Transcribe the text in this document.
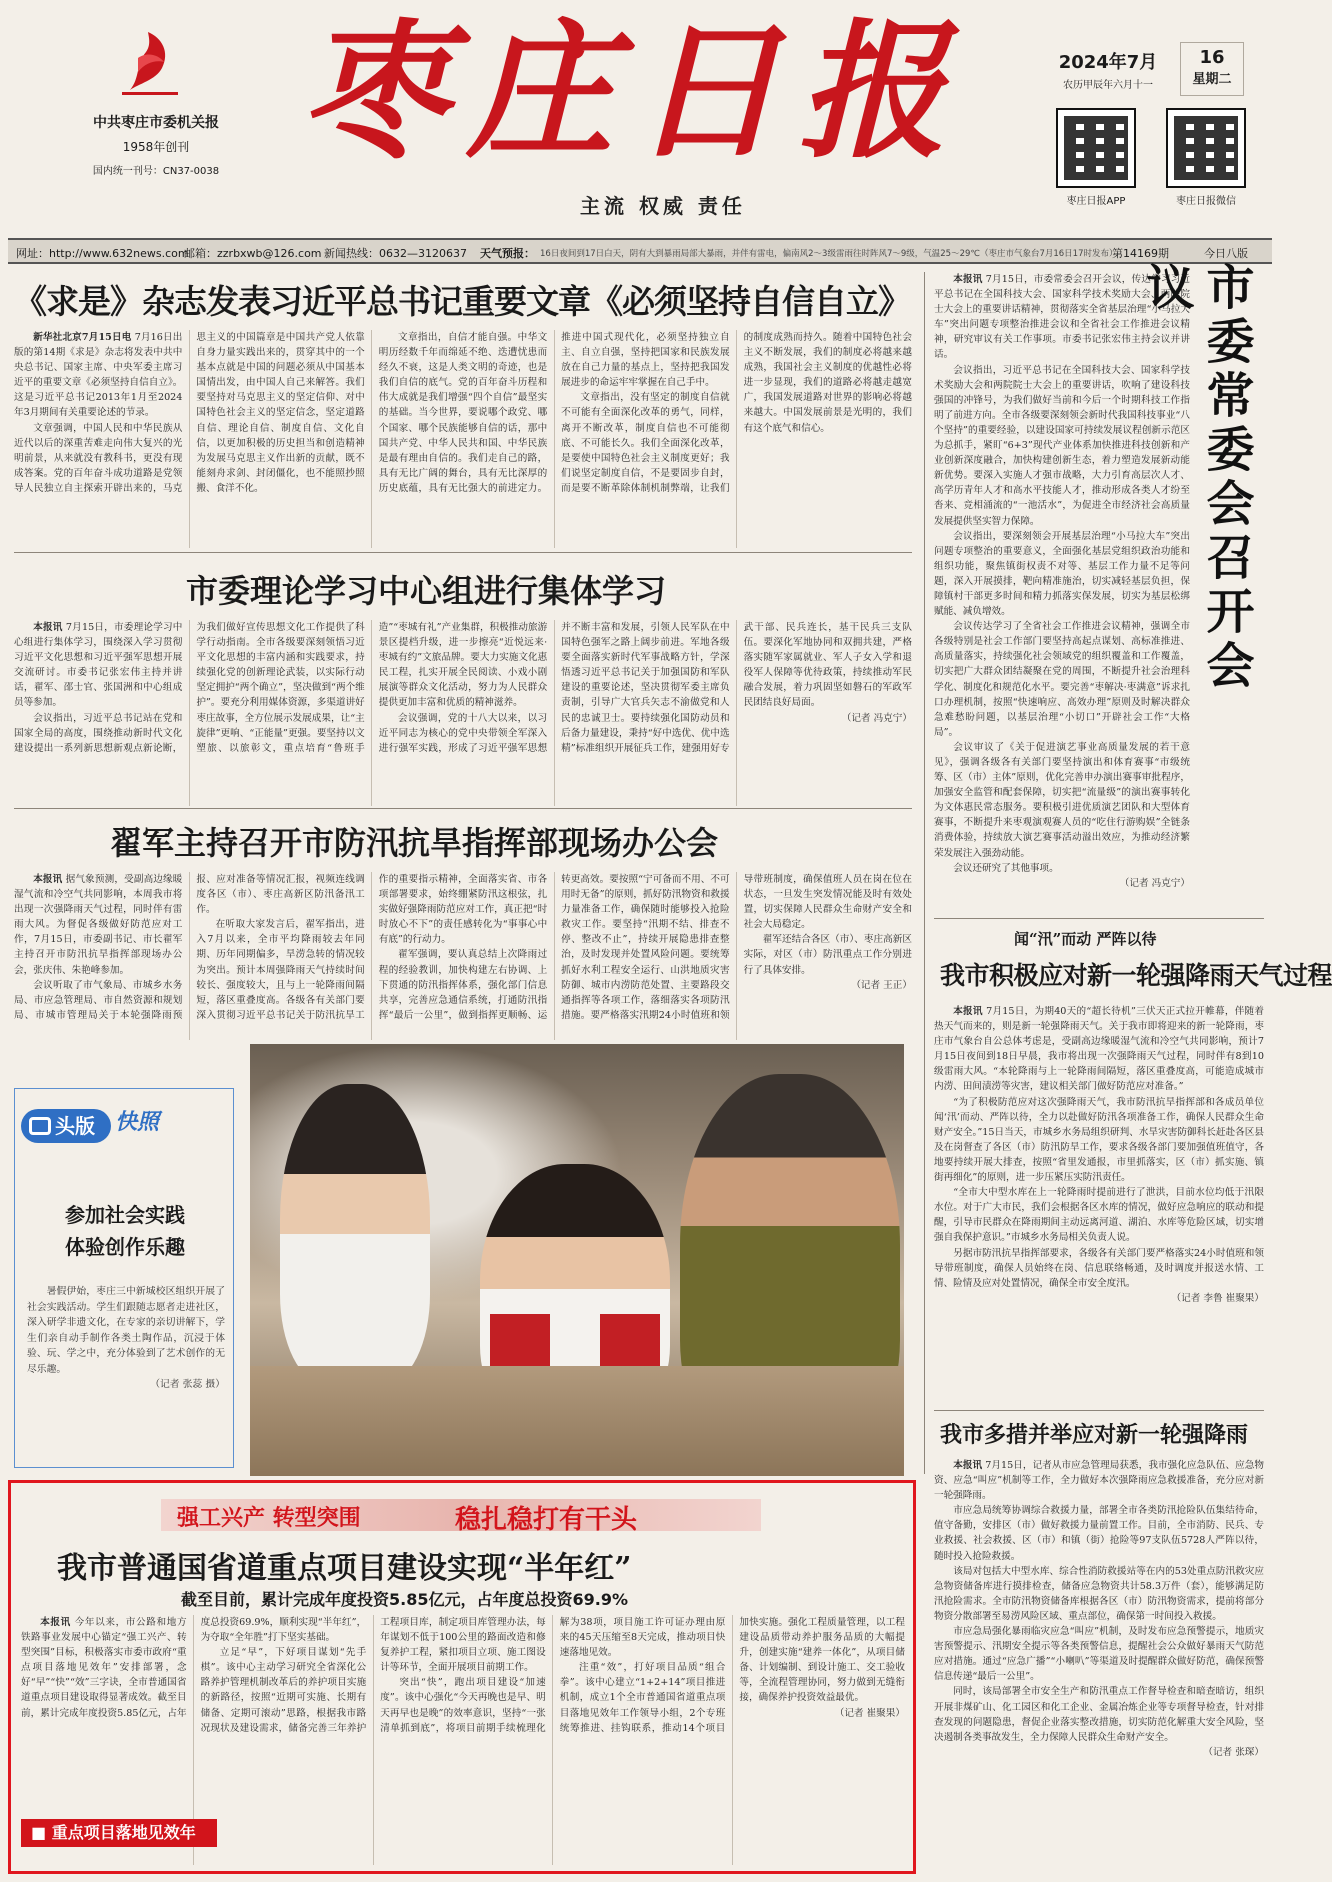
中共枣庄市委机关报
1958年创刊
国内统一刊号：CN37-0038 枣庄日报
主流 权威 责任
2024年7月
农历甲辰年六月十一
16
星期二
枣庄日报APP	枣庄日报微信
网址：http://www.632news.com
邮箱：zzrbxwb@126.com 新闻热线：0632—3120637 天气预报： 16日夜间到17日白天，阴有大到暴雨局部大暴雨，并伴有雷电，偏南风2～3级雷雨往时阵风7～9级，气温25～29℃（枣庄市气象台7月16日17时发布）
第14169期	今日八版
《求是》杂志发表习近平总书记重要文章《必须坚持自信自立》

新华社北京7月15日电 7月16日出版的第14期《求是》杂志将发表中共中央总书记、国家主席、中央军委主席习近平的重要文章《必须坚持自信自立》。这是习近平总书记2013年1月至2024年3月期间有关重要论述的节录。

文章强调，中国人民和中华民族从近代以后的深重苦难走向伟大复兴的光明前景，从来就没有教科书，更没有现成答案。党的百年奋斗成功道路是党领导人民独立自主探索开辟出来的，马克思主义的中国篇章是中国共产党人依靠自身力量实践出来的，贯穿其中的一个基本点就是中国的问题必须从中国基本国情出发，由中国人自己来解答。我们要坚持对马克思主义的坚定信仰、对中国特色社会主义的坚定信念，坚定道路自信、理论自信、制度自信、文化自信，以更加积极的历史担当和创造精神为发展马克思主义作出新的贡献，既不能刻舟求剑、封闭僵化，也不能照抄照搬、食洋不化。

文章指出，自信才能自强。中华文明历经数千年而绵延不绝、迭遭忧患而经久不衰，这是人类文明的奇迹，也是我们自信的底气。党的百年奋斗历程和伟大成就是我们增强“四个自信”最坚实的基础。当今世界，要说哪个政党、哪个国家、哪个民族能够自信的话，那中国共产党、中华人民共和国、中华民族是最有理由自信的。我们走自己的路，具有无比广阔的舞台，具有无比深厚的历史底蕴，具有无比强大的前进定力。推进中国式现代化，必须坚持独立自主、自立自强，坚持把国家和民族发展放在自己力量的基点上，坚持把我国发展进步的命运牢牢掌握在自己手中。

文章指出，没有坚定的制度自信就不可能有全面深化改革的勇气，同样，离开不断改革，制度自信也不可能彻底、不可能长久。我们全面深化改革，是要使中国特色社会主义制度更好；我们说坚定制度自信，不是要固步自封，而是要不断革除体制机制弊端，让我们的制度成熟而持久。随着中国特色社会主义不断发展，我们的制度必将越来越成熟，我国社会主义制度的优越性必将进一步显现，我们的道路必将越走越宽广，我国发展道路对世界的影响必将越来越大。中国发展前景是光明的，我们有这个底气和信心。

市委理论学习中心组进行集体学习

本报讯 7月15日，市委理论学习中心组进行集体学习，围绕深入学习贯彻习近平文化思想和习近平强军思想开展交流研讨。市委书记张宏伟主持并讲话，翟军、邵士官、张国洲和中心组成员等参加。

会议指出，习近平总书记站在党和国家全局的高度，围绕推动新时代文化建设提出一系列新思想新观点新论断，为我们做好宣传思想文化工作提供了科学行动指南。全市各级要深刻领悟习近平文化思想的丰富内涵和实践要求，持续强化党的创新理论武装，以实际行动坚定拥护“两个确立”，坚决做到“两个维护”。要充分利用媒体资源，多渠道讲好枣庄故事，全方位展示发展成果，让“主旋律”更响、“正能量”更强。要坚持以文塑旅、以旅彰文，重点培育“鲁班手造”“枣城有礼”产业集群，积极推动旅游景区提档升级，进一步擦亮“近悦远来·枣城有约”文旅品牌。要大力实施文化惠民工程，扎实开展全民阅读、小戏小剧展演等群众文化活动，努力为人民群众提供更加丰富和优质的精神滋养。

会议强调，党的十八大以来，以习近平同志为核心的党中央带领全军深入进行强军实践，形成了习近平强军思想并不断丰富和发展，引领人民军队在中国特色强军之路上阔步前进。军地各级要全面落实新时代军事战略方针，学深悟透习近平总书记关于加强国防和军队建设的重要论述，坚决贯彻军委主席负责制，引导广大官兵矢志不渝做党和人民的忠诚卫士。要持续强化国防动员和后备力量建设，秉持“好中选优、优中选精”标准组织开展征兵工作，建强用好专武干部、民兵连长，基干民兵三支队伍。要深化军地协同和双拥共建，严格落实随军家属就业、军人子女入学和退役军人保障等优待政策，持续推动军民融合发展，着力巩固坚如磐石的军政军民团结良好局面。

（记者 冯克宁）
翟军主持召开市防汛抗旱指挥部现场办公会

本报讯 据气象预测，受副高边缘暖湿气流和冷空气共同影响，本周我市将出现一次强降雨天气过程，同时伴有雷雨大风。为督促各级做好防范应对工作，7月15日，市委副书记、市长翟军主持召开市防汛抗旱指挥部现场办公会，张庆伟、朱艳峰参加。

会议听取了市气象局、市城乡水务局、市应急管理局、市自然资源和规划局、市城市管理局关于本轮强降雨预报、应对准备等情况汇报，视频连线调度各区（市）、枣庄高新区防汛备汛工作。

在听取大家发言后，翟军指出，进入7月以来，全市平均降雨较去年同期、历年同期偏多，旱涝急转的情况较为突出。预计本周强降雨天气持续时间较长、强度较大，且与上一轮降雨间隔短，落区重叠度高。各级各有关部门要深入贯彻习近平总书记关于防汛抗旱工作的重要指示精神，全面落实省、市各项部署要求，始终绷紧防汛这根弦，扎实做好强降雨防范应对工作，真正把“时时放心不下”的责任感转化为“事事心中有底”的行动力。

翟军强调，要认真总结上次降雨过程的经验教训，加快构建左右协调、上下贯通的防汛指挥体系，强化部门信息共享，完善应急通信系统，打通防汛指挥“最后一公里”，做到指挥更顺畅、运转更高效。要按照“宁可备而不用、不可用时无备”的原则，抓好防汛物资和救援力量准备工作，确保随时能够投入抢险救灾工作。要坚持“汛期不结、排查不停、整改不止”，持续开展隐患排查整治，及时发现并处置风险问题。要统筹抓好水利工程安全运行、山洪地质灾害防御、城市内涝防范处置、主要路段交通指挥等各项工作，落细落实各项防汛措施。要严格落实汛期24小时值班和领导带班制度，确保值班人员在岗在位在状态，一旦发生突发情况能及时有效处置，切实保障人民群众生命财产安全和社会大局稳定。

翟军还结合各区（市）、枣庄高新区实际，对区（市）防汛重点工作分别进行了具体安排。

（记者 王正）

本报讯 7月15日，市委常委会召开会议，传达学习习近平总书记在全国科技大会、国家科学技术奖励大会、两院院士大会上的重要讲话精神，贯彻落实全省基层治理“小马拉大车”突出问题专项整治推进会议和全省社会工作推进会议精神，研究审议有关工作事项。市委书记张宏伟主持会议并讲话。

会议指出，习近平总书记在全国科技大会、国家科学技术奖励大会和两院院士大会上的重要讲话，吹响了建设科技强国的冲锋号，为我们做好当前和今后一个时期科技工作指明了前进方向。全市各级要深刻领会新时代我国科技事业“八个坚持”的重要经验，以建设国家可持续发展议程创新示范区为总抓手，紧盯“6+3”现代产业体系加快推进科技创新和产业创新深度融合，加快构建创新生态，着力塑造发展新动能新优势。要深入实施人才强市战略，大力引育高层次人才、高学历青年人才和高水平技能人才，推动形成各类人才纷至沓来、竞相涌流的“一池活水”，为促进全市经济社会高质量发展提供坚实智力保障。

会议指出，要深刻领会开展基层治理“小马拉大车”突出问题专项整治的重要意义，全面强化基层党组织政治功能和组织功能，聚焦镇街权责不对等、基层工作力量不足等问题，深入开展摸排，靶向精准施治，切实减轻基层负担，保障镇村干部更多时间和精力抓落实保发展，切实为基层松绑赋能、减负增效。

会议传达学习了全省社会工作推进会议精神，强调全市各级特别是社会工作部门要坚持高起点谋划、高标准推进、高质量落实，持续强化社会领域党的组织覆盖和工作覆盖，切实把广大群众团结凝聚在党的周围，不断提升社会治理科学化、制度化和规范化水平。要完善“枣解决·枣满意”诉求扎口办理机制，按照“快速响应、高效办理”原则及时解决群众急难愁盼问题，以基层治理“小切口”开辟社会工作“大格局”。

会议审议了《关于促进演艺事业高质量发展的若干意见》，强调各级各有关部门要坚持演出和体育赛事“市级统筹、区（市）主体”原则，优化完善申办演出赛事审批程序，加强安全监管和配套保障，切实把“流量级”的演出赛事转化为文体惠民常态服务。要积极引进优质演艺团队和大型体育赛事，不断提升来枣观演观赛人员的“吃住行游购娱”全链条消费体验，持续放大演艺赛事活动溢出效应，为推动经济繁荣发展注入强劲动能。

会议还研究了其他事项。

（记者 冯克宁）
市委常委会召开会议
闻“汛”而动 严阵以待
我市积极应对新一轮强降雨天气过程

本报讯 7月15日，为期40天的“超长待机”三伏天正式拉开帷幕，伴随着热天气而来的，则是新一轮强降雨天气。关于我市即将迎来的新一轮降雨，枣庄市气象台自公总体考虑是，受副高边缘暖湿气流和冷空气共同影响，预计7月15日夜间到18日早晨，我市将出现一次强降雨天气过程，同时伴有8到10级雷雨大风。“本轮降雨与上一轮降雨间隔短，落区重叠度高，可能造成城市内涝、田间渍涝等灾害，建议相关部门做好防范应对准备。”

“为了积极防范应对这次强降雨天气，我市防汛抗旱指挥部和各成员单位闻‘汛’而动、严阵以待，全力以赴做好防汛各项准备工作，确保人民群众生命财产安全。”15日当天，市城乡水务局组织研判、水旱灾害防御科长赶赴各区县及在岗督查了各区（市）防汛防旱工作，要求各级各部门要加强值班值守，各地要持续开展大排查，按照“省里发通报，市里抓落实，区（市）抓实施、镇街再细化”的原则，进一步压紧压实防汛责任。

“全市大中型水库在上一轮降雨时提前进行了泄洪，目前水位均低于汛限水位。对于广大市民，我们会根据各区水库的情况，做好应急响应的联动和提醒，引导市民群众在降雨期间主动远离河道、湖泊、水库等危险区域，切实增强自我保护意识。”市城乡水务局相关负责人说。

另据市防汛抗旱指挥部要求，各级各有关部门要严格落实24小时值班和领导带班制度，确保人员始终在岗、信息联络畅通，及时调度并报送水情、工情、险情及应对处置情况，确保全市安全度汛。

（记者 李鲁 崔聚果）
我市多措并举应对新一轮强降雨

本报讯 7月15日，记者从市应急管理局获悉，我市强化应急队伍、应急物资、应急“叫应”机制等工作，全力做好本次强降雨应急救援准备，充分应对新一轮强降雨。

市应急局统筹协调综合救援力量，部署全市各类防汛抢险队伍集结待命，值守备勤，安排区（市）做好救援力量前置工作。目前，全市消防、民兵、专业救援、社会救援、区（市）和镇（街）抢险等97支队伍5728人严阵以待，随时投入抢险救援。

该局对包括大中型水库、综合性消防救援站等在内的53处重点防汛救灾应急物资储备库进行摸排检查，储备应急物资共计58.3万件（套），能够满足防汛抢险需求。全市防汛物资储备库根据各区（市）防汛物资需求，提前将部分物资分散部署至易涝风险区域、重点部位，确保第一时间投入救援。

市应急局强化暴雨临灾应急“叫应”机制，及时发布应急预警提示，地质灾害预警提示、汛期安全提示等各类预警信息，提醒社会公众做好暴雨天气防范应对措施。通过“应急广播”“小喇叭”等渠道及时提醒群众做好防范，确保预警信息传递“最后一公里”。

同时，该局部署全市安全生产和防汛重点工作督导检查和暗查暗访，组织开展非煤矿山、化工园区和化工企业、金属冶炼企业等专项督导检查，针对排查发现的问题隐患，督促企业落实整改措施，切实防范化解重大安全风险，坚决遏制各类事故发生，全力保障人民群众生命财产安全。

（记者 张琛）
头版 快照
参加社会实践
体验创作乐趣

暑假伊始，枣庄三中新城校区组织开展了社会实践活动。学生们跟随志愿者走进社区，深入研学非遗文化，在专家的亲切讲解下，学生们亲自动手制作各类土陶作品，沉浸于体验、玩、学之中，充分体验到了艺术创作的无尽乐趣。

（记者 张蕊 摄）
强工兴产 转型突围	稳扎稳打有干头
我市普通国省道重点项目建设实现“半年红”
截至目前，累计完成年度投资5.85亿元，占年度总投资69.9%

本报讯 今年以来，市公路和地方铁路事业发展中心锚定“强工兴产、转型突围”目标，积极落实市委市政府“重点项目落地见效年”安排部署，念好“早”“快”“效”三字诀，全市普通国省道重点项目建设取得显著成效。截至目前，累计完成年度投资5.85亿元，占年度总投资69.9%，顺利实现“半年红”，为夺取“全年胜”打下坚实基础。

立足“早”，下好项目谋划“先手棋”。该中心主动学习研究全省深化公路养护管理机制改革后的养护项目实施的新路径，按照“近期可实施、长期有储备、定期可滚动”思路，根据我市路况现状及建设需求，储备完善三年养护工程项目库，制定项目库管理办法，每年谋划不低于100公里的路面改造和修复养护工程，紧扣项目立项、施工图设计等环节，全面开展项目前期工作。

突出“快”，跑出项目建设“加速度”。该中心强化“今天再晚也是早、明天再早也是晚”的效率意识，坚持“一张清单抓到底”，将项目前期手续梳理化解为38项，项目施工许可证办理由原来的45天压缩至8天完成，推动项目快速落地见效。

注重“效”，打好项目品质“组合拳”。该中心建立“1+2+14”项目推进机制，成立1个全市普通国省道重点项目落地见效年工作领导小组，2个专班统筹推进、挂钩联系，推动14个项目加快实施。强化工程质量管理，以工程建设品质带动养护服务品质的大幅提升，创建实施“建养一体化”，从项目储备、计划编制、到设计施工、交工验收等，全流程管理协同，努力做到无缝衔接，确保养护投资效益最优。

（记者 崔聚果）
■ 重点项目落地见效年
